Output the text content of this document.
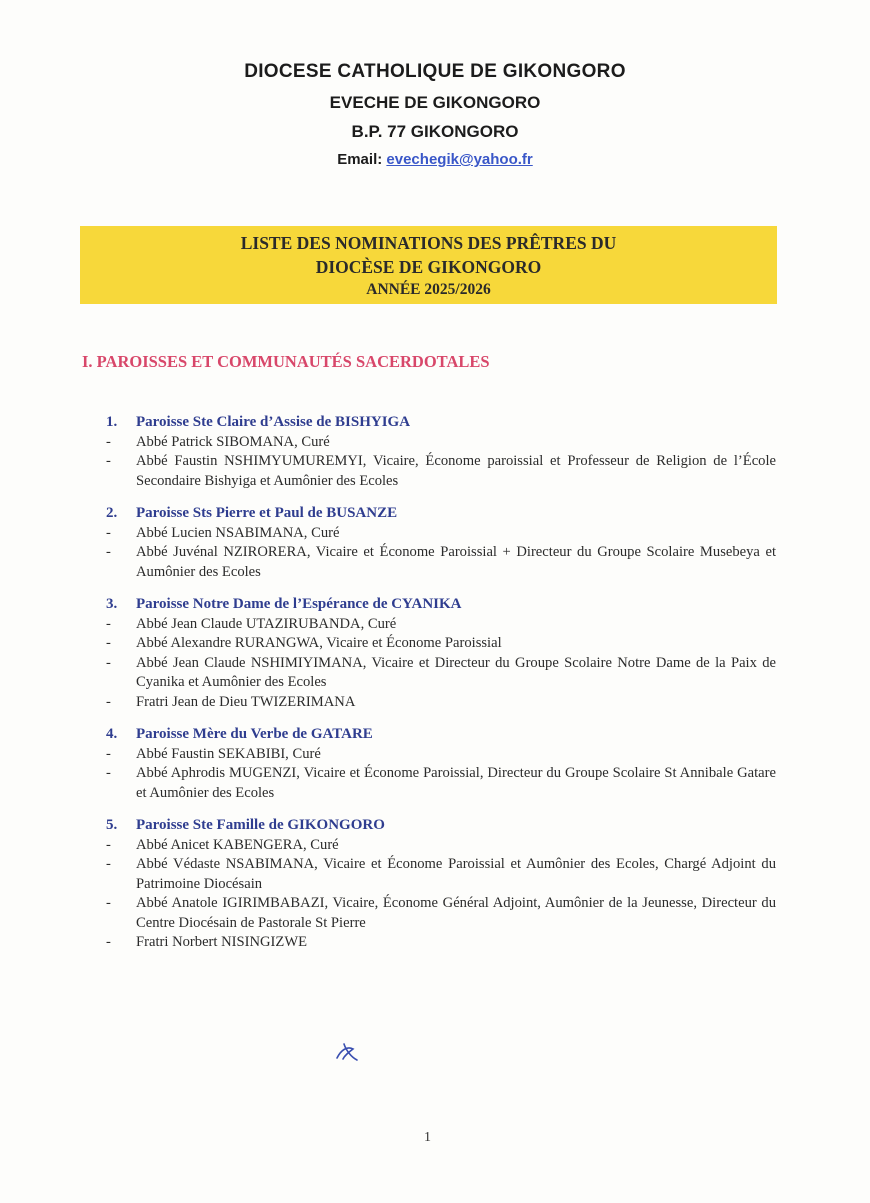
DIOCESE CATHOLIQUE DE GIKONGORO
EVECHE DE GIKONGORO
B.P. 77 GIKONGORO
Email: evechegik@yahoo.fr
LISTE DES NOMINATIONS DES PRÊTRES DU
DIOCÈSE DE GIKONGORO
ANNÉE 2025/2026
I. PAROISSES ET COMMUNAUTÉS SACERDOTALES
1.	Paroisse Ste Claire d’Assise de BISHYIGA
-	Abbé Patrick SIBOMANA, Curé
-	Abbé Faustin NSHIMYUMUREMYI, Vicaire, Économe paroissial et Professeur de Religion de l’École Secondaire Bishyiga et Aumônier des Ecoles
2.	Paroisse Sts Pierre et Paul de BUSANZE
-	Abbé Lucien NSABIMANA, Curé
-	Abbé Juvénal NZIRORERA, Vicaire et Économe Paroissial + Directeur du Groupe Scolaire Musebeya et Aumônier des Ecoles
3.	Paroisse Notre Dame de l’Espérance de CYANIKA
-	Abbé Jean Claude UTAZIRUBANDA, Curé
-	Abbé Alexandre RURANGWA, Vicaire et Économe Paroissial
-	Abbé Jean Claude NSHIMIYIMANA, Vicaire et Directeur du Groupe Scolaire Notre Dame de la Paix de Cyanika et Aumônier des Ecoles
-	Fratri Jean de Dieu TWIZERIMANA
4.	Paroisse Mère du Verbe de GATARE
-	Abbé Faustin SEKABIBI, Curé
-	Abbé Aphrodis MUGENZI, Vicaire et Économe Paroissial, Directeur du Groupe Scolaire St Annibale Gatare et Aumônier des Ecoles
5.	Paroisse Ste Famille de GIKONGORO
-	Abbé Anicet KABENGERA, Curé
-	Abbé Védaste NSABIMANA, Vicaire et Économe Paroissial et Aumônier des Ecoles, Chargé Adjoint du Patrimoine Diocésain
-	Abbé Anatole IGIRIMBABAZI, Vicaire, Économe Général Adjoint, Aumônier de la Jeunesse, Directeur du Centre Diocésain de Pastorale St Pierre
-	Fratri Norbert NISINGIZWE
1
